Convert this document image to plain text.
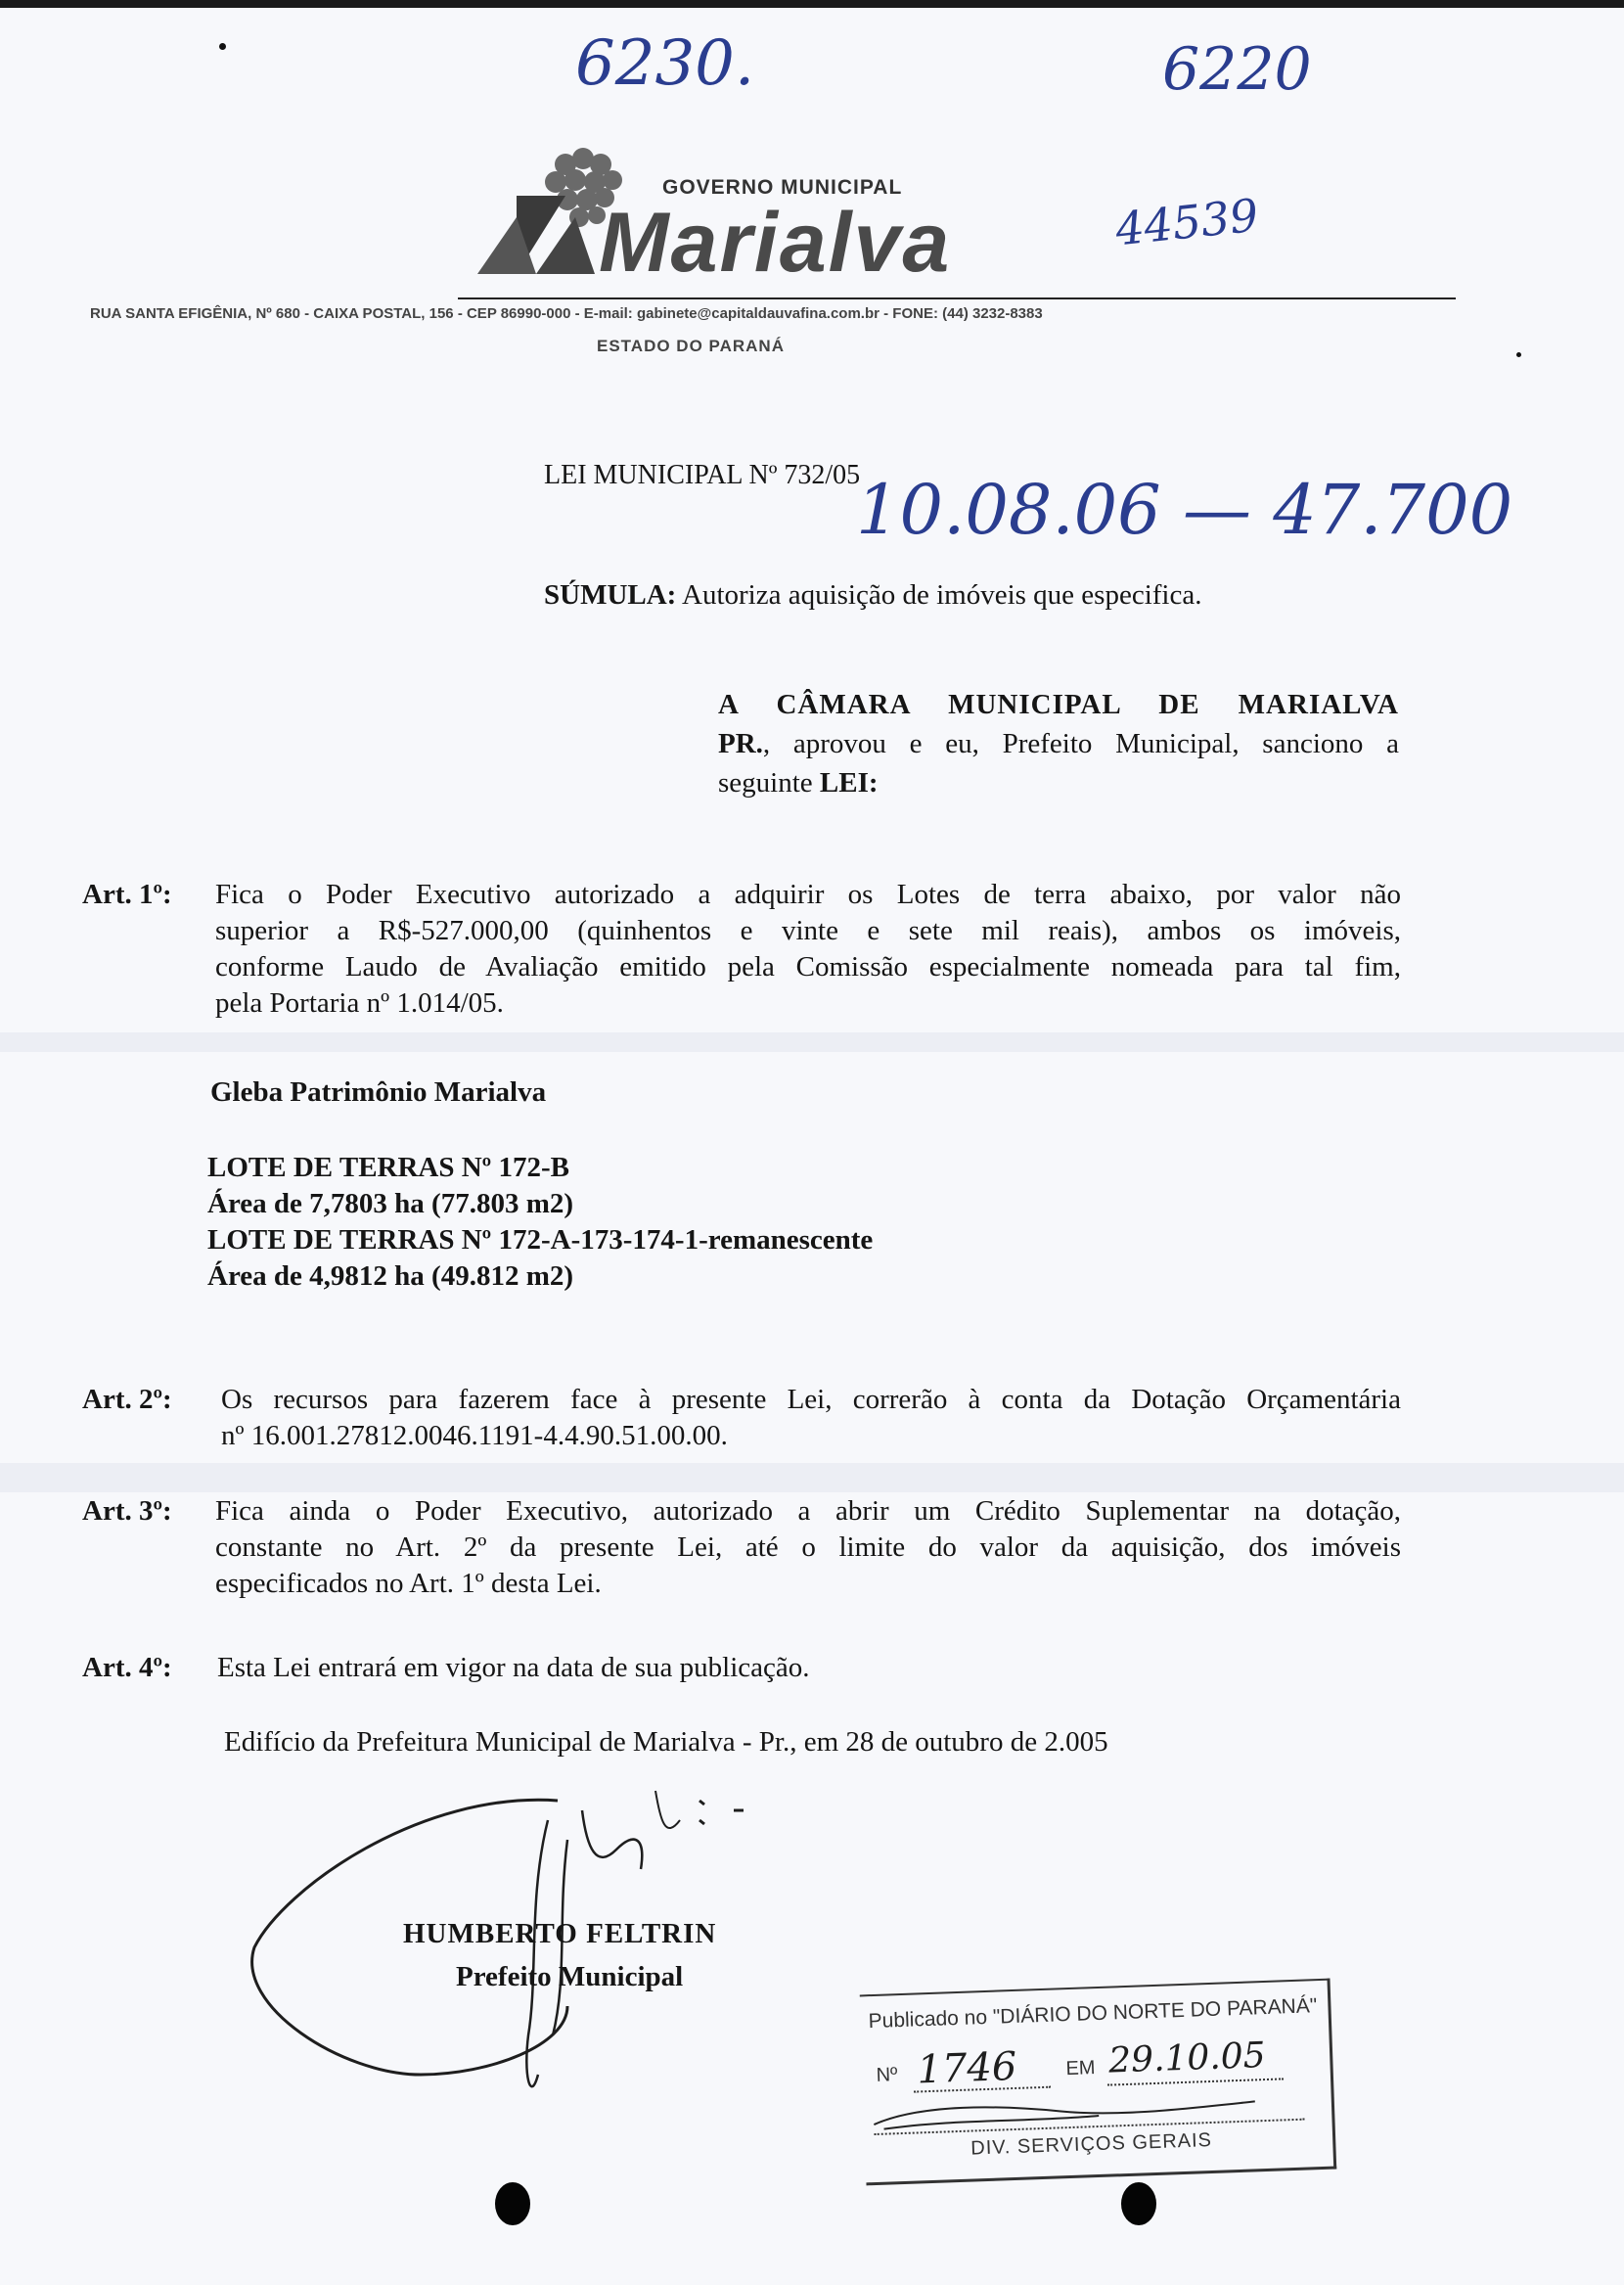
6230.	6220
44539
GOVERNO MUNICIPAL
Marialva
RUA SANTA EFIGÊNIA, Nº 680 - CAIXA POSTAL, 156 - CEP 86990-000 - E-mail: gabinete@capitaldauvafina.com.br - FONE: (44) 3232-8383
ESTADO DO PARANÁ
LEI MUNICIPAL Nº 732/05
10.08.06 — 47.700
SÚMULA: Autoriza aquisição de imóveis que especifica.
A CÂMARA MUNICIPAL DE MARIALVA
PR., aprovou e eu, Prefeito Municipal, sanciono a
seguinte LEI:
Art. 1º: Fica o Poder Executivo autorizado a adquirir os Lotes de terra abaixo, por valor não
superior a R$-527.000,00 (quinhentos e vinte e sete mil reais), ambos os imóveis,
conforme Laudo de Avaliação emitido pela Comissão especialmente nomeada para tal fim,
pela Portaria nº 1.014/05.
Gleba Patrimônio Marialva
LOTE DE TERRAS Nº 172-B
Área de 7,7803 ha (77.803 m2)
LOTE DE TERRAS Nº 172-A-173-174-1-remanescente
Área de 4,9812 ha (49.812 m2)
Art. 2º: Os recursos para fazerem face à presente Lei, correrão à conta da Dotação Orçamentária
nº 16.001.27812.0046.1191-4.4.90.51.00.00.
Art. 3º: Fica ainda o Poder Executivo, autorizado a abrir um Crédito Suplementar na dotação,
constante no Art. 2º da presente Lei, até o limite do valor da aquisição, dos imóveis
especificados no Art. 1º desta Lei.
Art. 4º: Esta Lei entrará em vigor na data de sua publicação.
Edifício da Prefeitura Municipal de Marialva - Pr., em 28 de outubro de 2.005
HUMBERTO FELTRIN
Prefeito Municipal
Publicado no "DIÁRIO DO NORTE DO PARANÁ"
Nº 1746 EM 29.10.05
DIV. SERVIÇOS GERAIS
